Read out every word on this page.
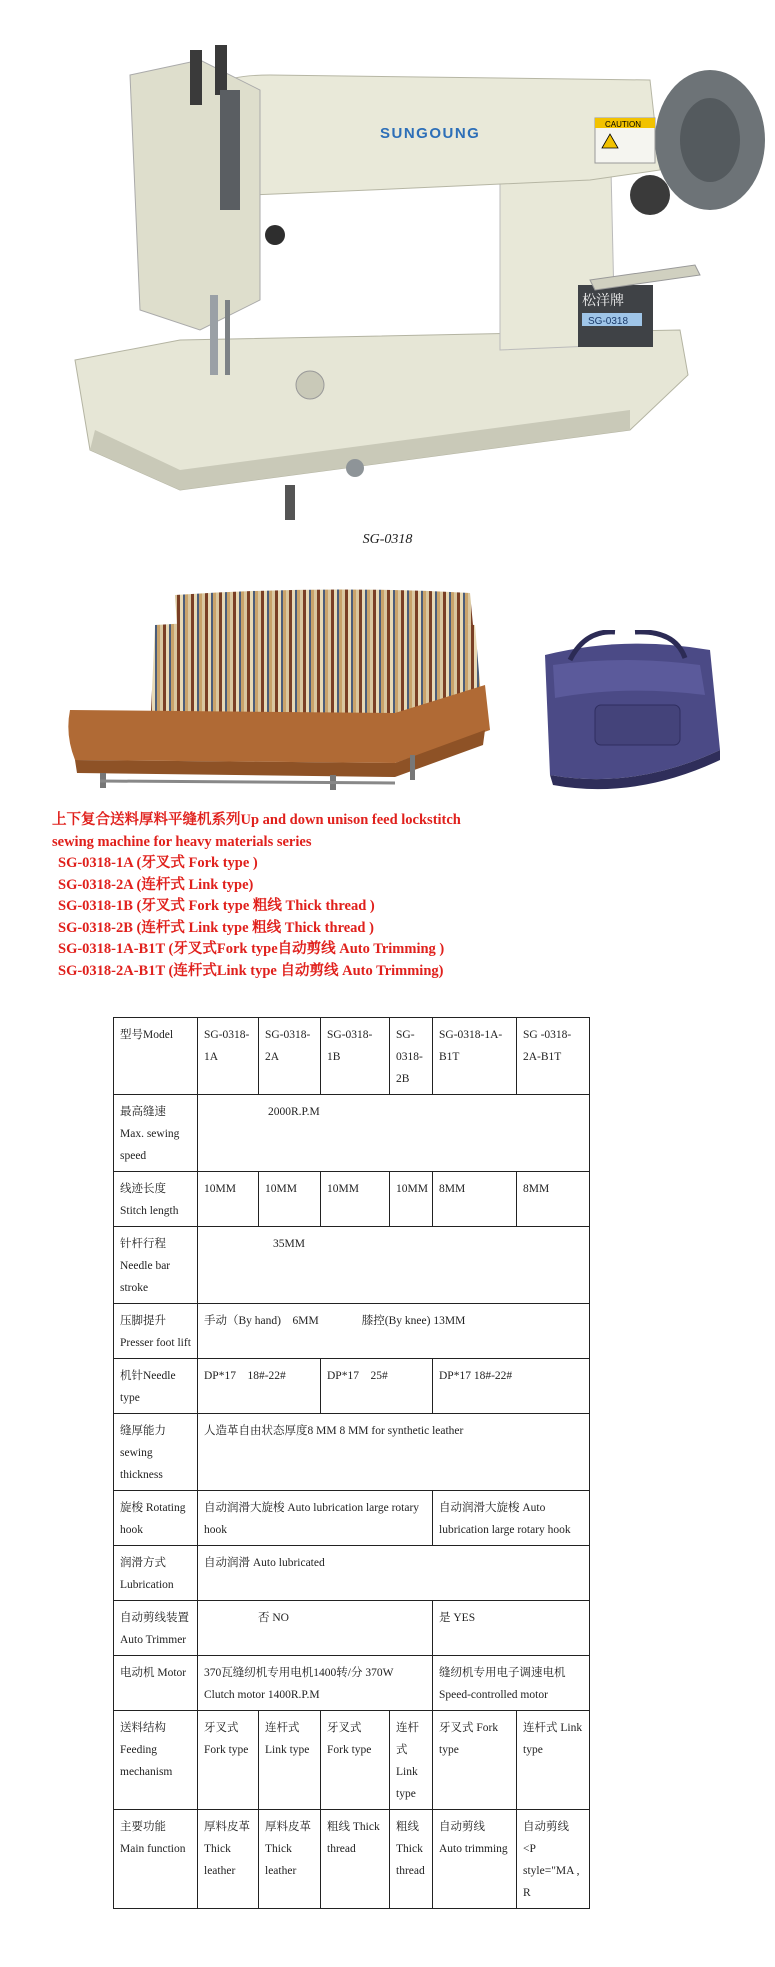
SUNGOUNG
CAUTION
松洋牌
SG-0318
SG-0318
上下复合送料厚料平缝机系列Up and down unison feed lockstitch
sewing machine for heavy materials series
SG-0318-1A (牙叉式 Fork type )
SG-0318-2A (连杆式 Link type)
SG-0318-1B (牙叉式 Fork type 粗线 Thick thread )
SG-0318-2B (连杆式 Link type 粗线 Thick thread )
SG-0318-1A-B1T (牙叉式Fork type自动剪线 Auto Trimming )
SG-0318-2A-B1T (连杆式Link type 自动剪线 Auto Trimming)
型号Model	SG-0318-1A	SG-0318-2A	SG-0318-1B	SG-0318-2B	SG-0318-1A-B1T	SG -0318-2A-B1T
最高缝速 Max. sewing speed	2000R.P.M					
线迹长度 Stitch length	10MM	10MM	10MM	10MM	8MM	8MM
针杆行程 Needle bar stroke	35MM					
压脚提升 Presser foot lift	手动（By hand)    6MM               膝控(By knee) 13MM					
机针Needle type	DP*17    18#-22#		DP*17    25#		DP*17 18#-22#	
缝厚能力 sewing thickness	人造革自由状态厚度8 MM 8 MM for synthetic leather					
旋梭 Rotating hook	自动润滑大旋梭 Auto lubrication large rotary hook				自动润滑大旋梭 Auto lubrication large rotary hook	
润滑方式 Lubrication	自动润滑 Auto lubricated					
自动剪线装置Auto Trimmer	否 NO				是 YES	
电动机 Motor	370瓦缝纫机专用电机1400转/分 370W Clutch motor 1400R.P.M				缝纫机专用电子调速电机 Speed-controlled motor	
送料结构 Feeding mechanism	牙叉式 Fork type	连杆式 Link type	牙叉式 Fork type	连杆式 Link type	牙叉式 Fork type	连杆式 Link type
主要功能 Main function	厚料皮革 Thick leather	厚料皮革 Thick leather	粗线 Thick thread	粗线 Thick thread	自动剪线 Auto trimming	自动剪线 <P style="MA , R
